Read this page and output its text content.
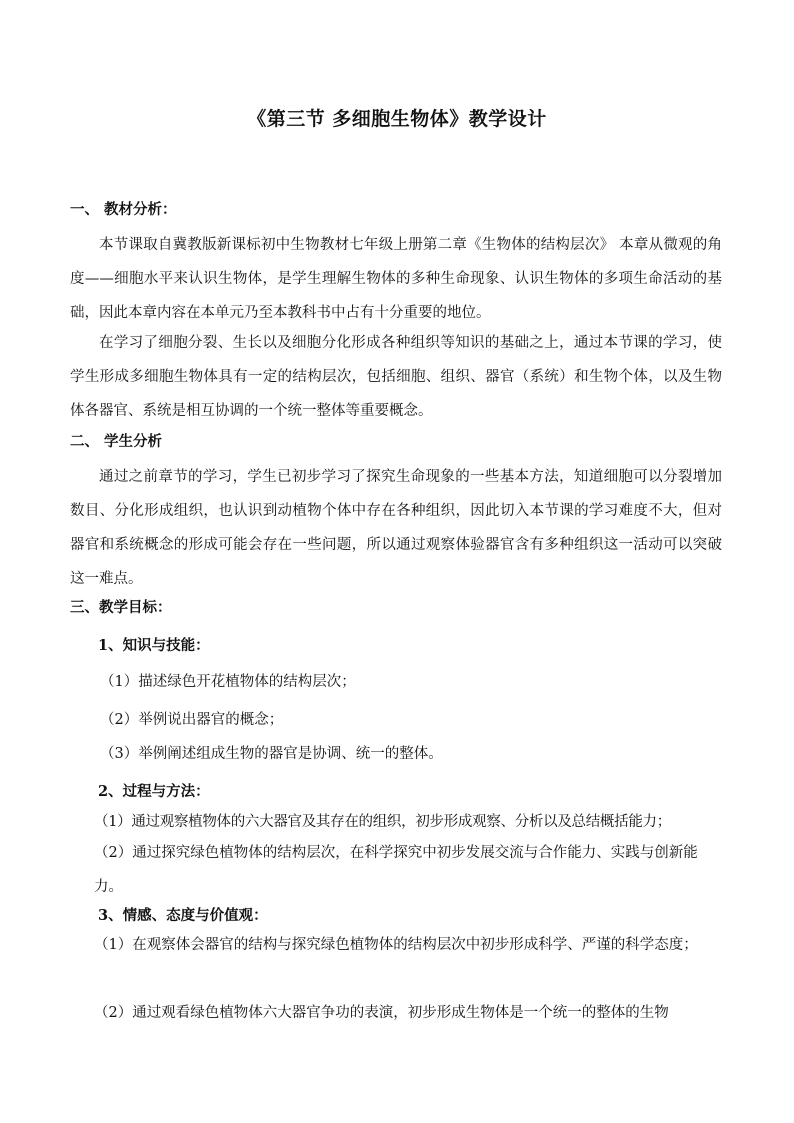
《第三节 多细胞生物体》教学设计
一、 教材分析：

本节课取自冀教版新课标初中生物教材七年级上册第二章《生物体的结构层次》 本章从微观的角度——细胞水平来认识生物体，是学生理解生物体的多种生命现象、认识生物体的多项生命活动的基础，因此本章内容在本单元乃至本教科书中占有十分重要的地位。

在学习了细胞分裂、生长以及细胞分化形成各种组织等知识的基础之上，通过本节课的学习，使学生形成多细胞生物体具有一定的结构层次，包括细胞、组织、器官（系统）和生物个体，以及生物体各器官、系统是相互协调的一个统一整体等重要概念。

二、 学生分析

通过之前章节的学习，学生已初步学习了探究生命现象的一些基本方法，知道细胞可以分裂增加数目、分化形成组织，也认识到动植物个体中存在各种组织，因此切入本节课的学习难度不大，但对器官和系统概念的形成可能会存在一些问题，所以通过观察体验器官含有多种组织这一活动可以突破这一难点。

三、教学目标：
1、知识与技能：
（1）描述绿色开花植物体的结构层次；
（2）举例说出器官的概念；
（3）举例阐述组成生物的器官是协调、统一的整体。
2、过程与方法：
（1）通过观察植物体的六大器官及其存在的组织，初步形成观察、分析以及总结概括能力；

（2）通过探究绿色植物体的结构层次，在科学探究中初步发展交流与合作能力、实践与创新能力。

3、情感、态度与价值观：

（1）在观察体会器官的结构与探究绿色植物体的结构层次中初步形成科学、严谨的科学态度；

（2）通过观看绿色植物体六大器官争功的表演，初步形成生物体是一个统一的整体的生物
